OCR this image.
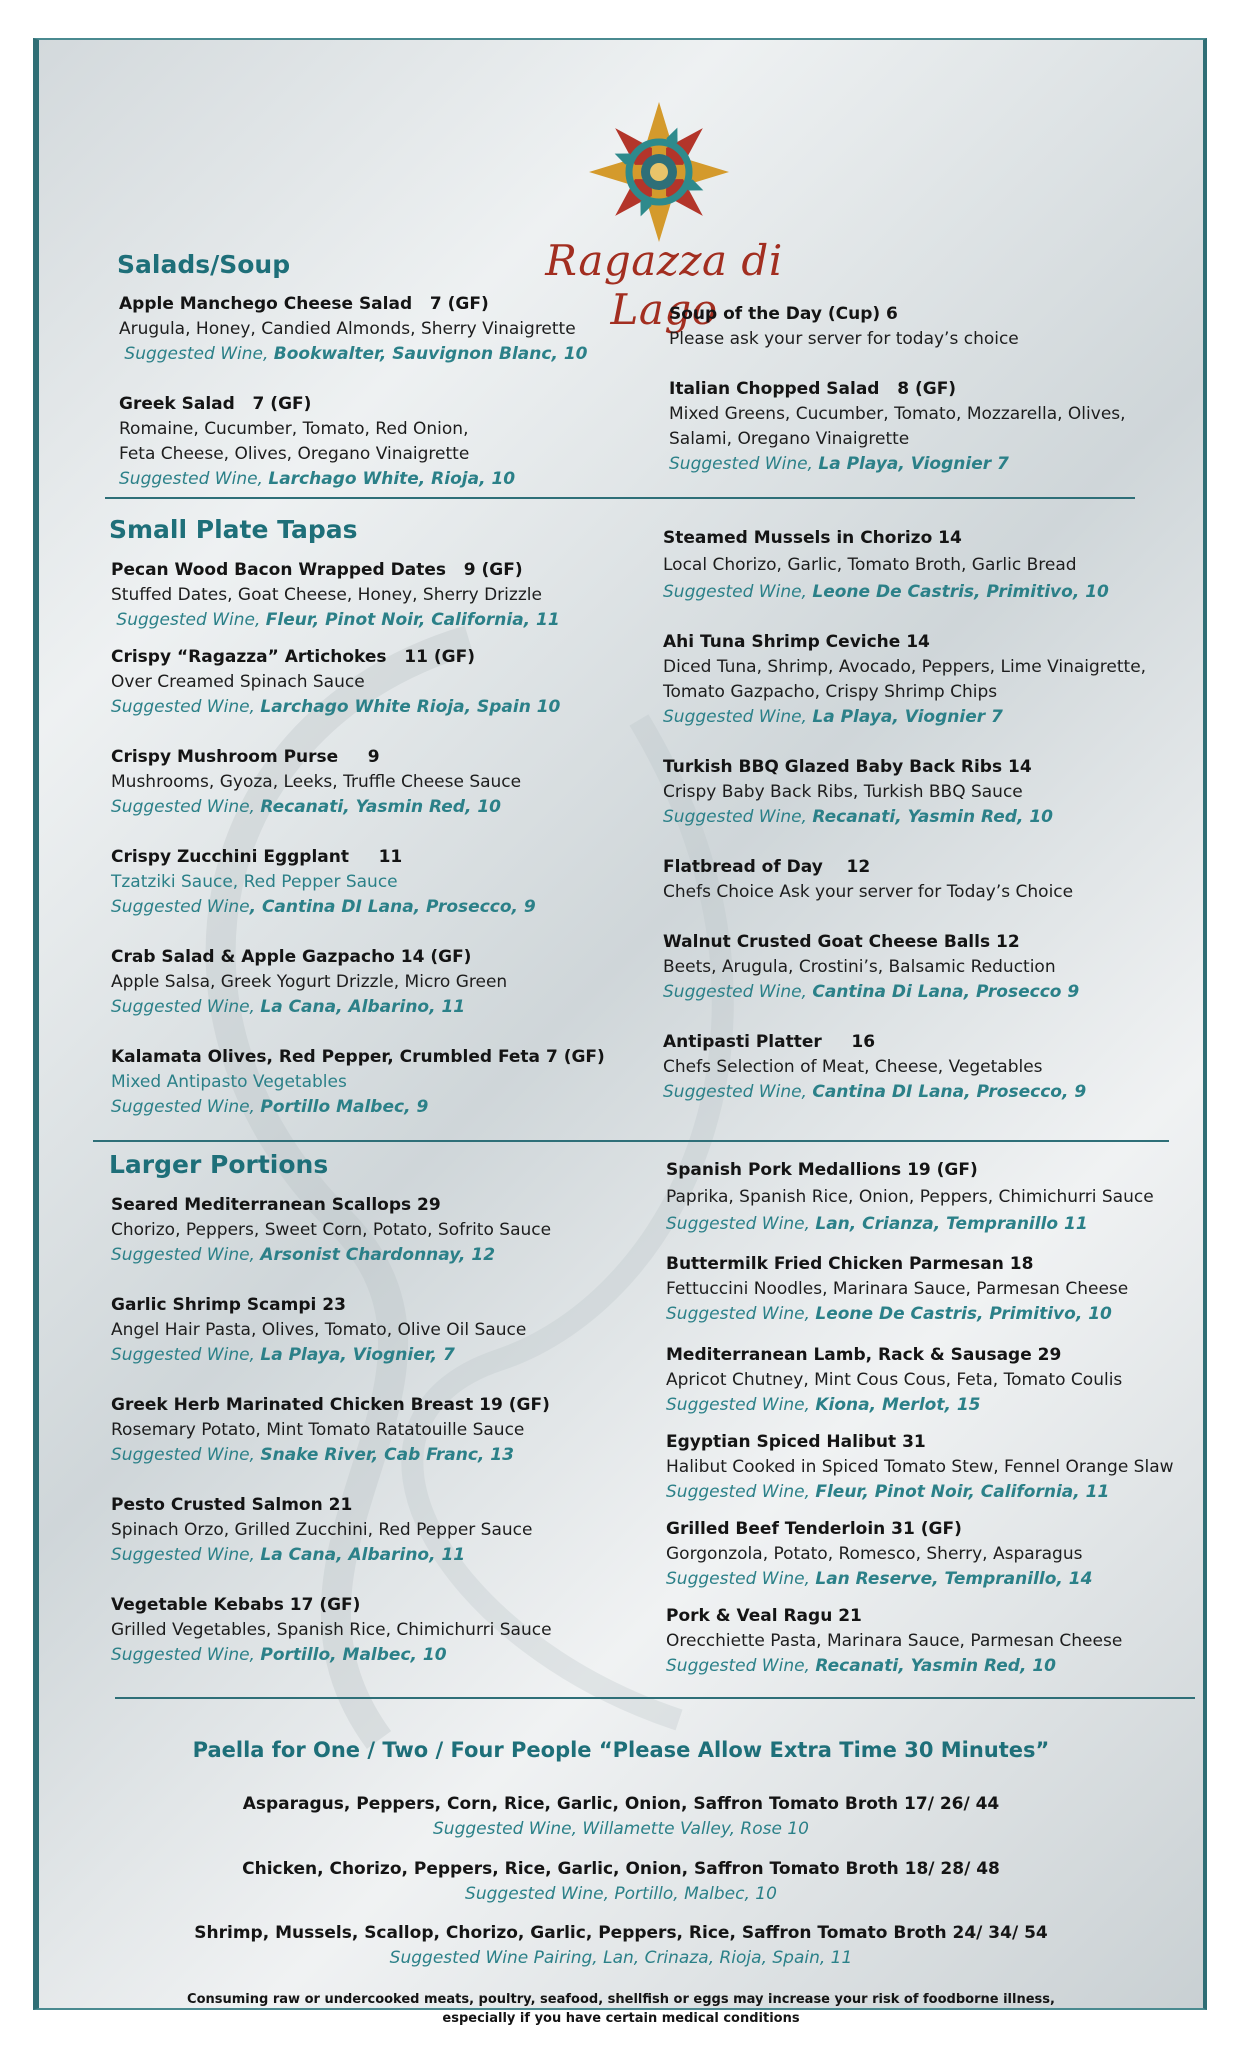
Ragazza di Lago
Salads/Soup
Apple Manchego Cheese Salad   7 (GF)
Arugula, Honey, Candied Almonds, Sherry Vinaigrette
Suggested Wine, Bookwalter, Sauvignon Blanc, 10
Greek Salad   7 (GF)
Romaine, Cucumber, Tomato, Red Onion,
Feta Cheese, Olives, Oregano Vinaigrette
Suggested Wine, Larchago White, Rioja, 10
Soup of the Day (Cup) 6
Please ask your server for today’s choice
Italian Chopped Salad   8 (GF)
Mixed Greens, Cucumber, Tomato, Mozzarella, Olives,
Salami, Oregano Vinaigrette
Suggested Wine, La Playa, Viognier 7
Small Plate Tapas
Pecan Wood Bacon Wrapped Dates   9 (GF)
Stuffed Dates, Goat Cheese, Honey, Sherry Drizzle
Suggested Wine, Fleur, Pinot Noir, California, 11
Crispy “Ragazza” Artichokes   11 (GF)
Over Creamed Spinach Sauce
Suggested Wine, Larchago White Rioja, Spain 10
Crispy Mushroom Purse     9
Mushrooms, Gyoza, Leeks, Truffle Cheese Sauce
Suggested Wine, Recanati, Yasmin Red, 10
Crispy Zucchini Eggplant     11
Tzatziki Sauce, Red Pepper Sauce
Suggested Wine, Cantina DI Lana, Prosecco, 9
Crab Salad & Apple Gazpacho 14 (GF)
Apple Salsa, Greek Yogurt Drizzle, Micro Green
Suggested Wine, La Cana, Albarino, 11
Kalamata Olives, Red Pepper, Crumbled Feta 7 (GF)
Mixed Antipasto Vegetables
Suggested Wine, Portillo Malbec, 9
Steamed Mussels in Chorizo 14
Local Chorizo, Garlic, Tomato Broth, Garlic Bread
Suggested Wine, Leone De Castris, Primitivo, 10
Ahi Tuna Shrimp Ceviche 14
Diced Tuna, Shrimp, Avocado, Peppers, Lime Vinaigrette,
Tomato Gazpacho, Crispy Shrimp Chips
Suggested Wine, La Playa, Viognier 7
Turkish BBQ Glazed Baby Back Ribs 14
Crispy Baby Back Ribs, Turkish BBQ Sauce
Suggested Wine, Recanati, Yasmin Red, 10
Flatbread of Day    12
Chefs Choice Ask your server for Today’s Choice
Walnut Crusted Goat Cheese Balls 12
Beets, Arugula, Crostini’s, Balsamic Reduction
Suggested Wine, Cantina Di Lana, Prosecco 9
Antipasti Platter     16
Chefs Selection of Meat, Cheese, Vegetables
Suggested Wine, Cantina DI Lana, Prosecco, 9
Larger Portions
Seared Mediterranean Scallops 29
Chorizo, Peppers, Sweet Corn, Potato, Sofrito Sauce
Suggested Wine, Arsonist Chardonnay, 12
Garlic Shrimp Scampi 23
Angel Hair Pasta, Olives, Tomato, Olive Oil Sauce
Suggested Wine, La Playa, Viognier, 7
Greek Herb Marinated Chicken Breast 19 (GF)
Rosemary Potato, Mint Tomato Ratatouille Sauce
Suggested Wine, Snake River, Cab Franc, 13
Pesto Crusted Salmon 21
Spinach Orzo, Grilled Zucchini, Red Pepper Sauce
Suggested Wine, La Cana, Albarino, 11
Vegetable Kebabs 17 (GF)
Grilled Vegetables, Spanish Rice, Chimichurri Sauce
Suggested Wine, Portillo, Malbec, 10
Spanish Pork Medallions 19 (GF)
Paprika, Spanish Rice, Onion, Peppers, Chimichurri Sauce
Suggested Wine, Lan, Crianza, Tempranillo 11
Buttermilk Fried Chicken Parmesan 18
Fettuccini Noodles, Marinara Sauce, Parmesan Cheese
Suggested Wine, Leone De Castris, Primitivo, 10
Mediterranean Lamb, Rack & Sausage 29
Apricot Chutney, Mint Cous Cous, Feta, Tomato Coulis
Suggested Wine, Kiona, Merlot, 15
Egyptian Spiced Halibut 31
Halibut Cooked in Spiced Tomato Stew, Fennel Orange Slaw
Suggested Wine, Fleur, Pinot Noir, California, 11
Grilled Beef Tenderloin 31 (GF)
Gorgonzola, Potato, Romesco, Sherry, Asparagus
Suggested Wine, Lan Reserve, Tempranillo, 14
Pork & Veal Ragu 21
Orecchiette Pasta, Marinara Sauce, Parmesan Cheese
Suggested Wine, Recanati, Yasmin Red, 10
Paella for One / Two / Four People “Please Allow Extra Time 30 Minutes”
Asparagus, Peppers, Corn, Rice, Garlic, Onion, Saffron Tomato Broth 17/ 26/ 44
Suggested Wine, Willamette Valley, Rose 10
Chicken, Chorizo, Peppers, Rice, Garlic, Onion, Saffron Tomato Broth 18/ 28/ 48
Suggested Wine, Portillo, Malbec, 10
Shrimp, Mussels, Scallop, Chorizo, Garlic, Peppers, Rice, Saffron Tomato Broth 24/ 34/ 54
Suggested Wine Pairing, Lan, Crinaza, Rioja, Spain, 11
Consuming raw or undercooked meats, poultry, seafood, shellfish or eggs may increase your risk of foodborne illness,
especially if you have certain medical conditions
